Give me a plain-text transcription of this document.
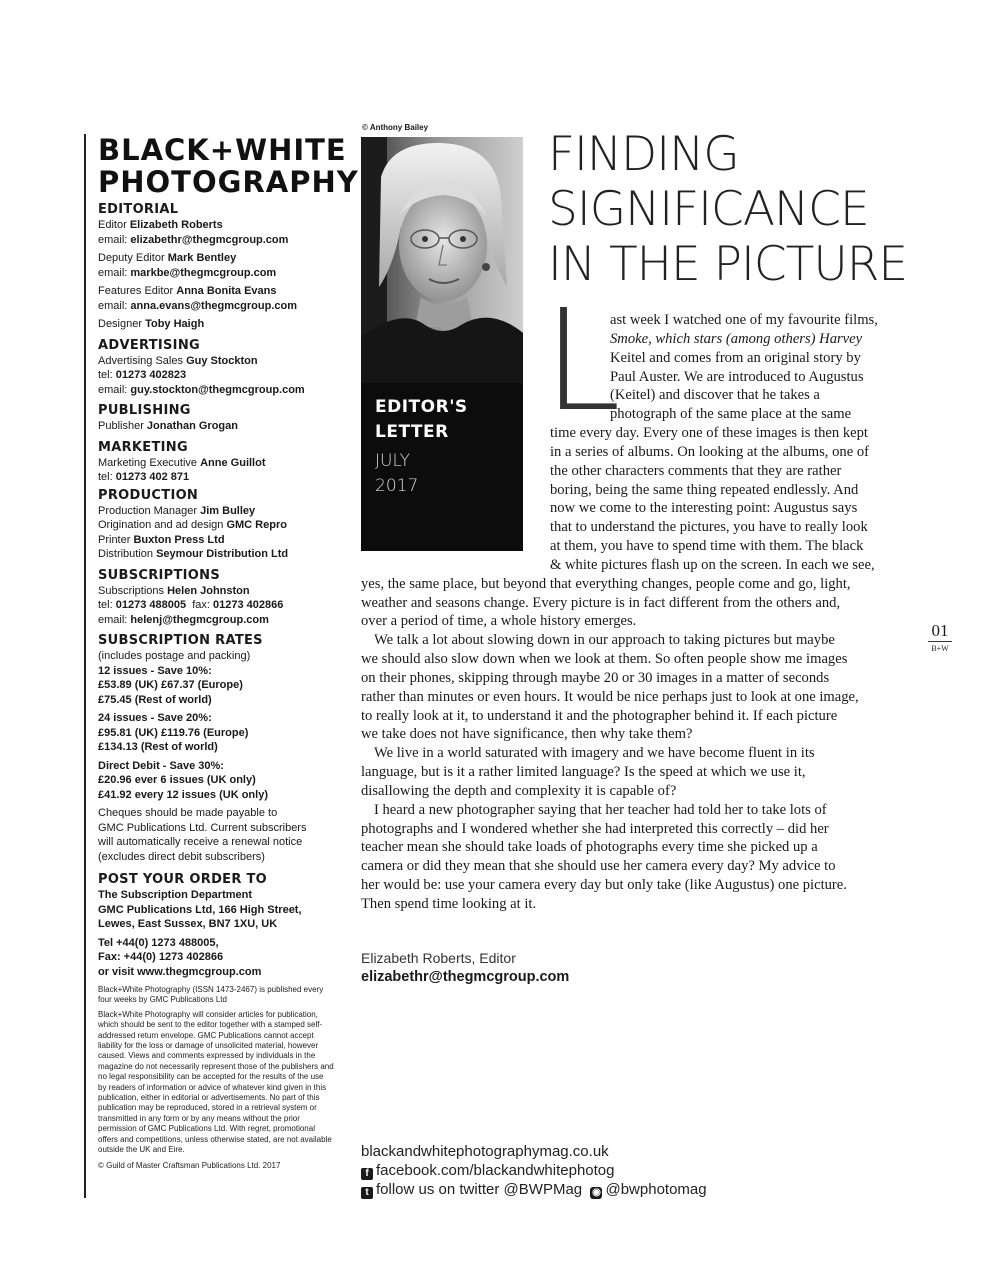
BLACK+WHITE
PHOTOGRAPHY
EDITORIAL
Editor Elizabeth Roberts
email: elizabethr@thegmcgroup.com
Deputy Editor Mark Bentley
email: markbe@thegmcgroup.com
Features Editor Anna Bonita Evans
email: anna.evans@thegmcgroup.com
Designer Toby Haigh
ADVERTISING
Advertising Sales Guy Stockton
tel: 01273 402823
email: guy.stockton@thegmcgroup.com
PUBLISHING
Publisher Jonathan Grogan
MARKETING
Marketing Executive Anne Guillot
tel: 01273 402 871
PRODUCTION
Production Manager Jim Bulley
Origination and ad design GMC Repro
Printer Buxton Press Ltd
Distribution Seymour Distribution Ltd
SUBSCRIPTIONS
Subscriptions Helen Johnston
tel: 01273 488005 fax: 01273 402866
email: helenj@thegmcgroup.com
SUBSCRIPTION RATES
(includes postage and packing)
12 issues - Save 10%:
£53.89 (UK) £67.37 (Europe)
£75.45 (Rest of world)
24 issues - Save 20%:
£95.81 (UK) £119.76 (Europe)
£134.13 (Rest of world)
Direct Debit - Save 30%:
£20.96 ever 6 issues (UK only)
£41.92 every 12 issues (UK only)
Cheques should be made payable to
GMC Publications Ltd. Current subscribers
will automatically receive a renewal notice
(excludes direct debit subscribers)
POST YOUR ORDER TO
The Subscription Department
GMC Publications Ltd, 166 High Street,
Lewes, East Sussex, BN7 1XU, UK
Tel +44(0) 1273 488005,
Fax: +44(0) 1273 402866
or visit www.thegmcgroup.com
Black+White Photography (ISSN 1473-2467) is published every four weeks by GMC Publications Ltd
Black+White Photography will consider articles for publication, which should be sent to the editor together with a stamped self-addressed return envelope. GMC Publications cannot accept liability for the loss or damage of unsolicited material, however caused. Views and comments expressed by individuals in the magazine do not necessarily represent those of the publishers and no legal responsibility can be accepted for the results of the use by readers of information or advice of whatever kind given in this publication, either in editorial or advertisements. No part of this publication may be reproduced, stored in a retrieval system or transmitted in any form or by any means without the prior permission of GMC Publications Ltd. With regret, promotional offers and competitions, unless otherwise stated, are not available outside the UK and Eire.
© Guild of Master Craftsman Publications Ltd. 2017
© Anthony Bailey
EDITOR'S
LETTER
JULY
2017
FINDING
SIGNIFICANCE
IN THE PICTURE
L
ast week I watched one of my favourite films,
Smoke, which stars (among others) Harvey
Keitel and comes from an original story by
Paul Auster. We are introduced to Augustus
(Keitel) and discover that he takes a
photograph of the same place at the same
time every day. Every one of these images is then kept
in a series of albums. On looking at the albums, one of
the other characters comments that they are rather
boring, being the same thing repeated endlessly. And
now we come to the interesting point: Augustus says
that to understand the pictures, you have to really look
at them, you have to spend time with them. The black
& white pictures flash up on the screen. In each we see,
yes, the same place, but beyond that everything changes, people come and go, light,
weather and seasons change. Every picture is in fact different from the others and,
over a period of time, a whole history emerges.
We talk a lot about slowing down in our approach to taking pictures but maybe
we should also slow down when we look at them. So often people show me images
on their phones, skipping through maybe 20 or 30 images in a matter of seconds
rather than minutes or even hours. It would be nice perhaps just to look at one image,
to really look at it, to understand it and the photographer behind it. If each picture
we take does not have significance, then why take them?
We live in a world saturated with imagery and we have become fluent in its
language, but is it a rather limited language? Is the speed at which we use it,
disallowing the depth and complexity it is capable of?
I heard a new photographer saying that her teacher had told her to take lots of
photographs and I wondered whether she had interpreted this correctly – did her
teacher mean she should take loads of photographs every time she picked up a
camera or did they mean that she should use her camera every day? My advice to
her would be: use your camera every day but only take (like Augustus) one picture.
Then spend time looking at it.
Elizabeth Roberts, Editor
elizabethr@thegmcgroup.com
blackandwhitephotographymag.co.uk
f facebook.com/blackandwhitephotog
t follow us on twitter @BWPMag ◉ @bwphotomag
01
B+W
